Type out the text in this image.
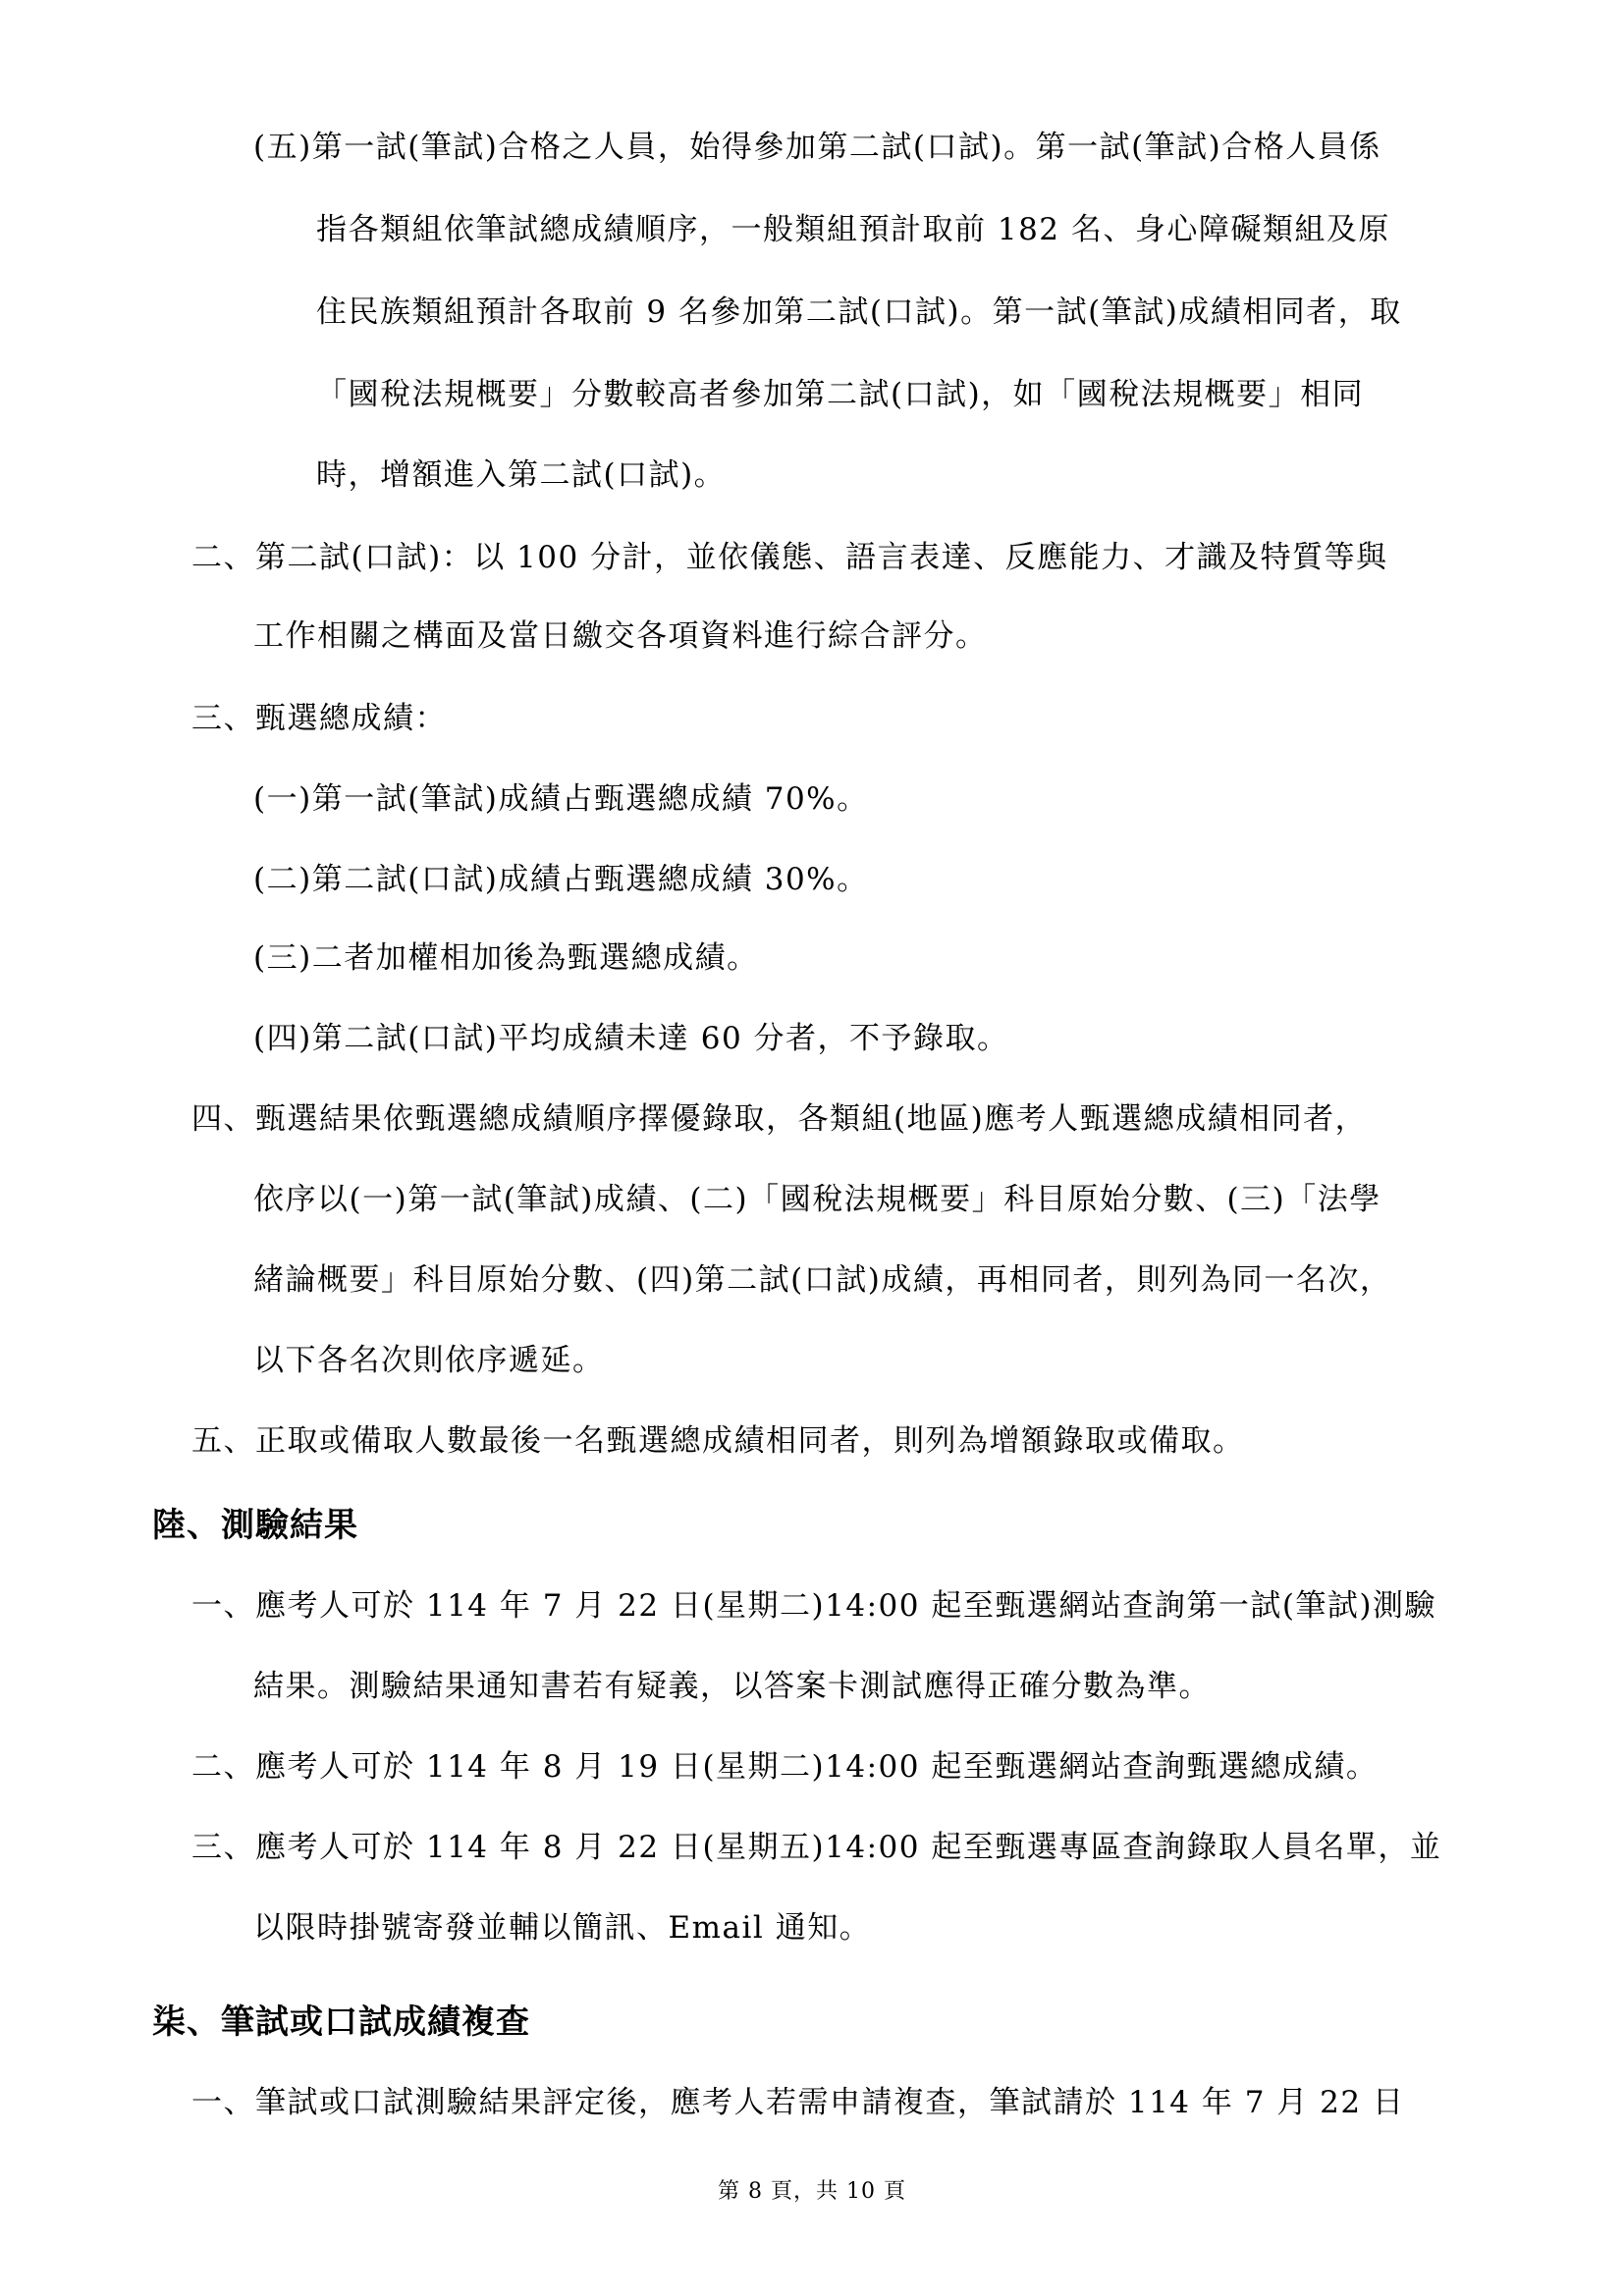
(五)第一試(筆試)合格之人員，始得參加第二試(口試)。第一試(筆試)合格人員係
指各類組依筆試總成績順序，一般類組預計取前 182 名、身心障礙類組及原
住民族類組預計各取前 9 名參加第二試(口試)。第一試(筆試)成績相同者，取
「國稅法規概要」分數較高者參加第二試(口試)，如「國稅法規概要」相同
時，增額進入第二試(口試)。
二、第二試(口試)：以 100 分計，並依儀態、語言表達、反應能力、才識及特質等與
工作相關之構面及當日繳交各項資料進行綜合評分。
三、甄選總成績：
(一)第一試(筆試)成績占甄選總成績 70%。
(二)第二試(口試)成績占甄選總成績 30%。
(三)二者加權相加後為甄選總成績。
(四)第二試(口試)平均成績未達 60 分者，不予錄取。
四、甄選結果依甄選總成績順序擇優錄取，各類組(地區)應考人甄選總成績相同者，
依序以(一)第一試(筆試)成績、(二)「國稅法規概要」科目原始分數、(三)「法學
緒論概要」科目原始分數、(四)第二試(口試)成績，再相同者，則列為同一名次，
以下各名次則依序遞延。
五、正取或備取人數最後一名甄選總成績相同者，則列為增額錄取或備取。
陸、測驗結果
一、應考人可於 114 年 7 月 22 日(星期二)14:00 起至甄選網站查詢第一試(筆試)測驗
結果。測驗結果通知書若有疑義，以答案卡測試應得正確分數為準。
二、應考人可於 114 年 8 月 19 日(星期二)14:00 起至甄選網站查詢甄選總成績。
三、應考人可於 114 年 8 月 22 日(星期五)14:00 起至甄選專區查詢錄取人員名單，並
以限時掛號寄發並輔以簡訊、Email 通知。
柒、筆試或口試成績複查
一、筆試或口試測驗結果評定後，應考人若需申請複查，筆試請於 114 年 7 月 22 日
第 8 頁，共 10 頁
